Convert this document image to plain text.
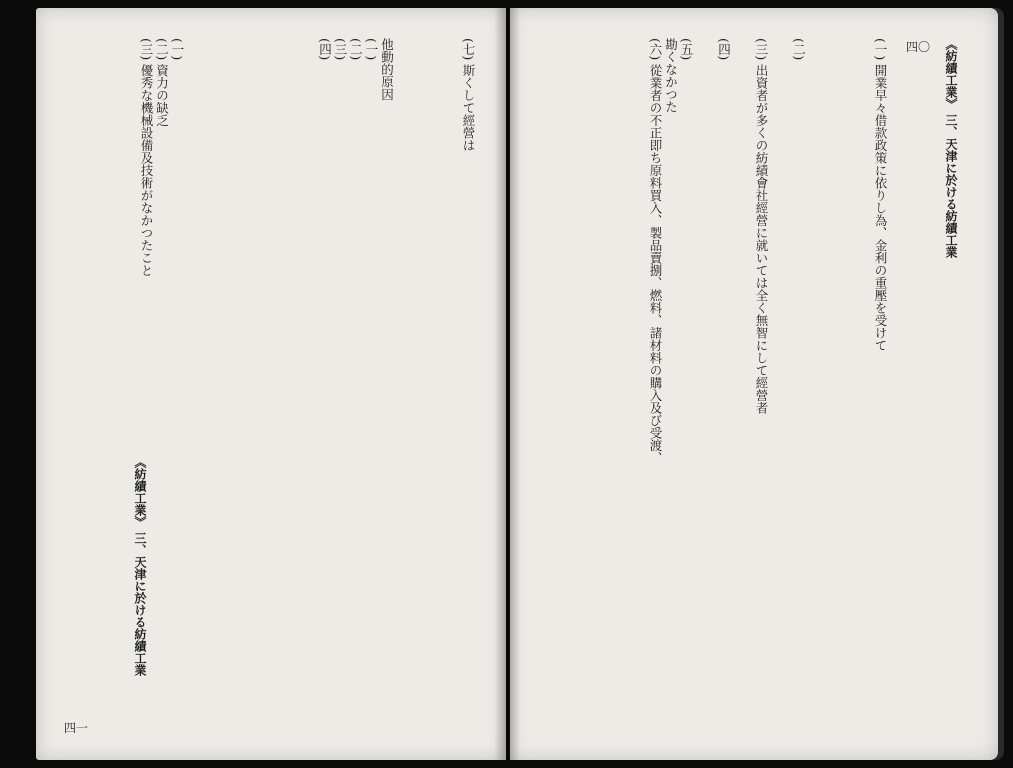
《紡績工業》 三、天津に於ける紡績工業
四〇
(一) 開業早々借款政策に依りし為、金利の重壓を受けて
(二)
(三) 出資者が多くの紡績會社經營に就いては全く無智にして經營者
(四)
(五)
勘くなかつた
(六) 從業者の不正即ち原料買入、製品賣捌、燃料、諸材料の購入及び受渡、
《紡績工業》 三、天津に於ける紡績工業
四一
(七) 斯くして經營は
他動的原因
(一)
(二)
(三)
(四)
(一)
(二) 資力の缺乏
(三) 優秀な機械設備及技術がなかつたこと
